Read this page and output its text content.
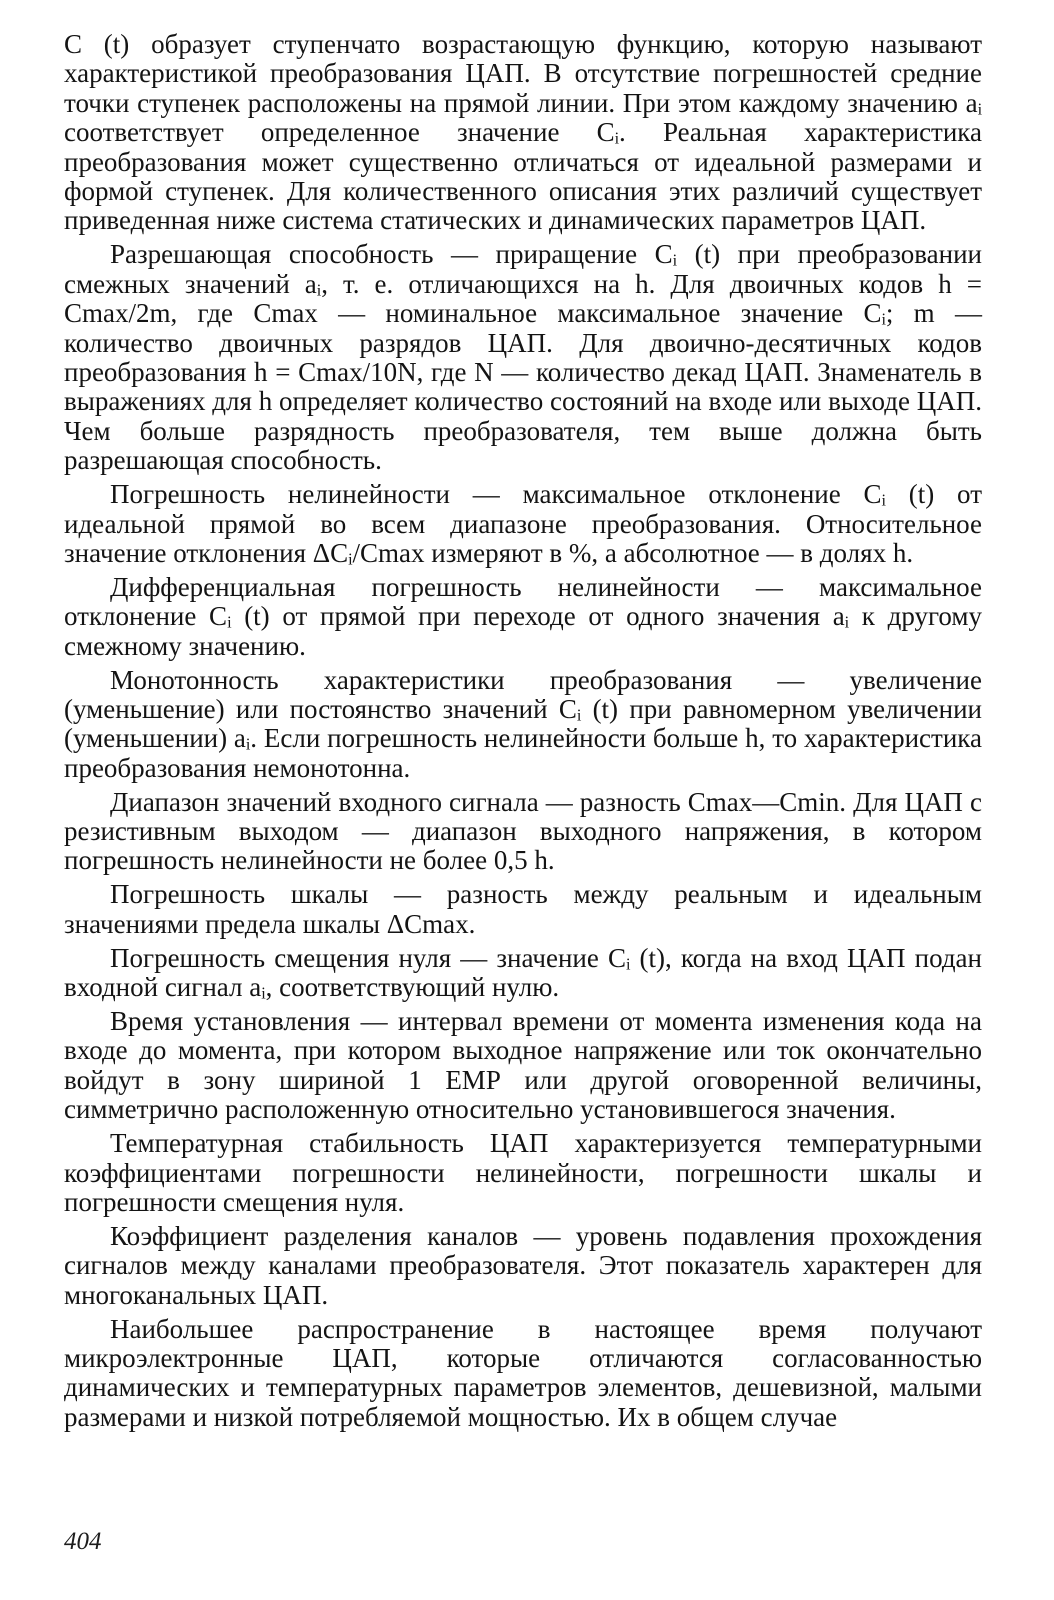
C (t) образует ступенчато возрастающую функцию, которую называют характеристикой преобразования ЦАП. В отсутствие погрешностей средние точки ступенек расположены на прямой линии. При этом каждому значению aᵢ соответствует определенное значение Cᵢ. Реальная характеристика преобразования может существенно отличаться от идеальной размерами и формой ступенек. Для количественного описания этих различий существует приведенная ниже система статических и динамических параметров ЦАП.

Разрешающая способность — приращение Cᵢ (t) при преобразовании смежных значений aᵢ, т. е. отличающихся на h. Для двоичных кодов h = Cmax/2m, где Cmax — номинальное максимальное значение Cᵢ; m — количество двоичных разрядов ЦАП. Для двоично-десятичных кодов преобразования h = Cmax/10N, где N — количество декад ЦАП. Знаменатель в выражениях для h определяет количество состояний на входе или выходе ЦАП. Чем больше разрядность преобразователя, тем выше должна быть разрешающая способность.

Погрешность нелинейности — максимальное отклонение Cᵢ (t) от идеальной прямой во всем диапазоне преобразования. Относительное значение отклонения ΔCᵢ/Cmax измеряют в %, а абсолютное — в долях h.

Дифференциальная погрешность нелинейности — максимальное отклонение Cᵢ (t) от прямой при переходе от одного значения aᵢ к другому смежному значению.

Монотонность характеристики преобразования — увеличение (уменьшение) или постоянство значений Cᵢ (t) при равномерном увеличении (уменьшении) aᵢ. Если погрешность нелинейности больше h, то характеристика преобразования немонотонна.

Диапазон значений входного сигнала — разность Cmax—Cmin. Для ЦАП с резистивным выходом — диапазон выходного напряжения, в котором погрешность нелинейности не более 0,5 h.

Погрешность шкалы — разность между реальным и идеальным значениями предела шкалы ΔCmax.

Погрешность смещения нуля — значение Cᵢ (t), когда на вход ЦАП подан входной сигнал aᵢ, соответствующий нулю.

Время установления — интервал времени от момента изменения кода на входе до момента, при котором выходное напряжение или ток окончательно войдут в зону шириной 1 ЕМР или другой оговоренной величины, симметрично расположенную относительно установившегося значения.

Температурная стабильность ЦАП характеризуется температурными коэффициентами погрешности нелинейности, погрешности шкалы и погрешности смещения нуля.

Коэффициент разделения каналов — уровень подавления прохождения сигналов между каналами преобразователя. Этот показатель характерен для многоканальных ЦАП.

Наибольшее распространение в настоящее время получают микроэлектронные ЦАП, которые отличаются согласованностью динамических и температурных параметров элементов, дешевизной, малыми размерами и низкой потребляемой мощностью. Их в общем случае

404
